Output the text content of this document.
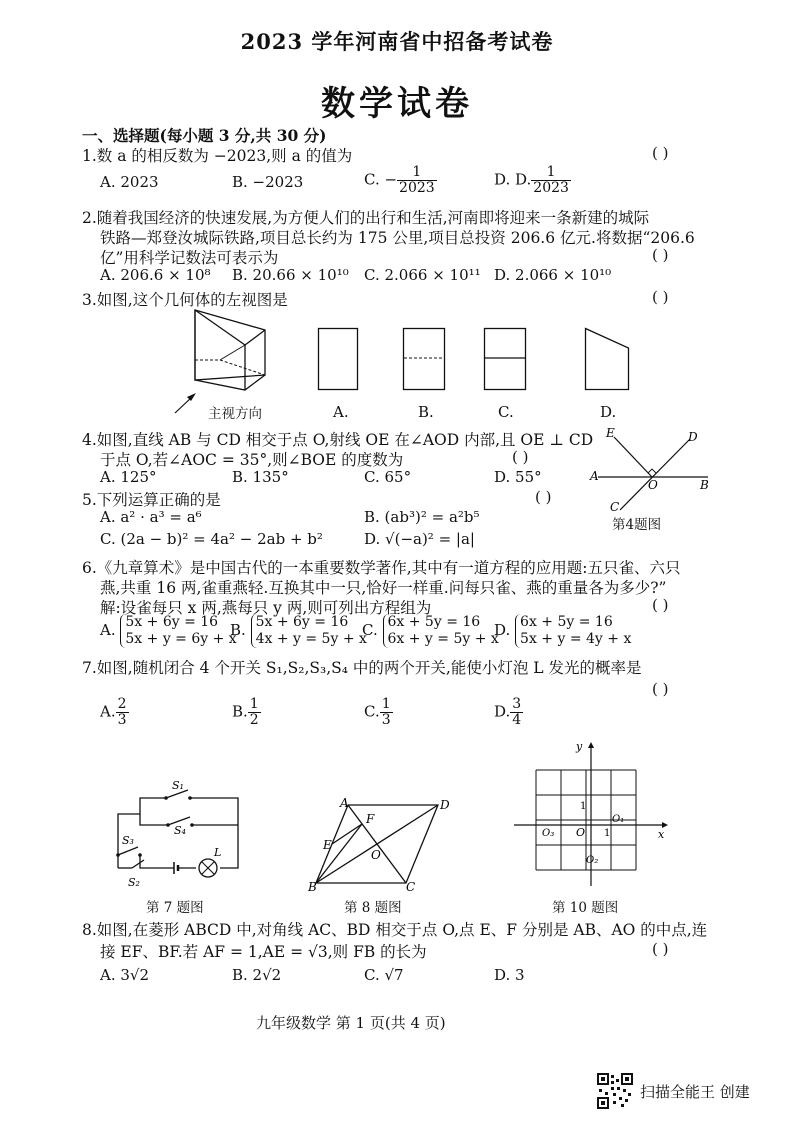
2023 学年河南省中招备考试卷
数学试卷
一、选择题(每小题 3 分,共 30 分)
1.数 a 的相反数为 −2023,则 a 的值为	( )
A. 2023	B. −2023	C. − $\frac{1}{2023}$	D. D. $\frac{1}{2023}$
2.随着我国经济的快速发展,为方便人们的出行和生活,河南即将迎来一条新建的城际
铁路—郑登汝城际铁路,项目总长约为 175 公里,项目总投资 206.6 亿元.将数据“206.6
亿”用科学记数法可表示为	( )
A. 206.6 × 10⁸ B. 20.66 × 10¹⁰ C. 2.066 × 10¹¹ D. 2.066 × 10¹⁰
3.如图,这个几何体的左视图是	( )
主视方向	A.	B.	C.	D.
4.如图,直线 AB 与 CD 相交于点 O,射线 OE 在∠AOD 内部,且 OE ⊥ CD
于点 O,若∠AOC = 35°,则∠BOE 的度数为	( )
A. 125°	B. 135°	C. 65°	D. 55°
E	D
A
O	B
C
第4题图
5.下列运算正确的是	( )
A. a² · a³ = a⁶	B. (ab³)² = a²b⁵
C. (2a − b)² = 4a² − 2ab + b²	D. √(−a)² = |a|
6.《九章算术》是中国古代的一本重要数学著作,其中有一道方程的应用题:五只雀、六只
燕,共重 16 两,雀重燕轻.互换其中一只,恰好一样重.问每只雀、燕的重量各为多少?”
解:设雀每只 x 两,燕每只 y 两,则可列出方程组为	( )
A. 5x + 6y = 16
5x + y = 6y + x
B. 5x + 6y = 16
4x + y = 5y + x
C. 6x + 5y = 16
6x + y = 5y + x
D. 6x + 5y = 16
5x + y = 4y + x
7.如图,随机闭合 4 个开关 S₁,S₂,S₃,S₄ 中的两个开关,能使小灯泡 L 发光的概率是
( )
A. $\frac{2}{3}$	B. $\frac{1}{2}$	C. $\frac{1}{3}$	D. $\frac{3}{4}$
S₁
S₄
S₃
S₂
L
第 7 题图
A	D
F
E
O
B	C
第 8 题图
y
x
1
1
O
O₁
O₂
O₃
第 10 题图
8.如图,在菱形 ABCD 中,对角线 AC、BD 相交于点 O,点 E、F 分别是 AB、AO 的中点,连
接 EF、BF.若 AF = 1,AE = √3,则 FB 的长为	( )
A. 3√2	B. 2√2	C. √7	D. 3
九年级数学 第 1 页(共 4 页)
扫描全能王 创建
